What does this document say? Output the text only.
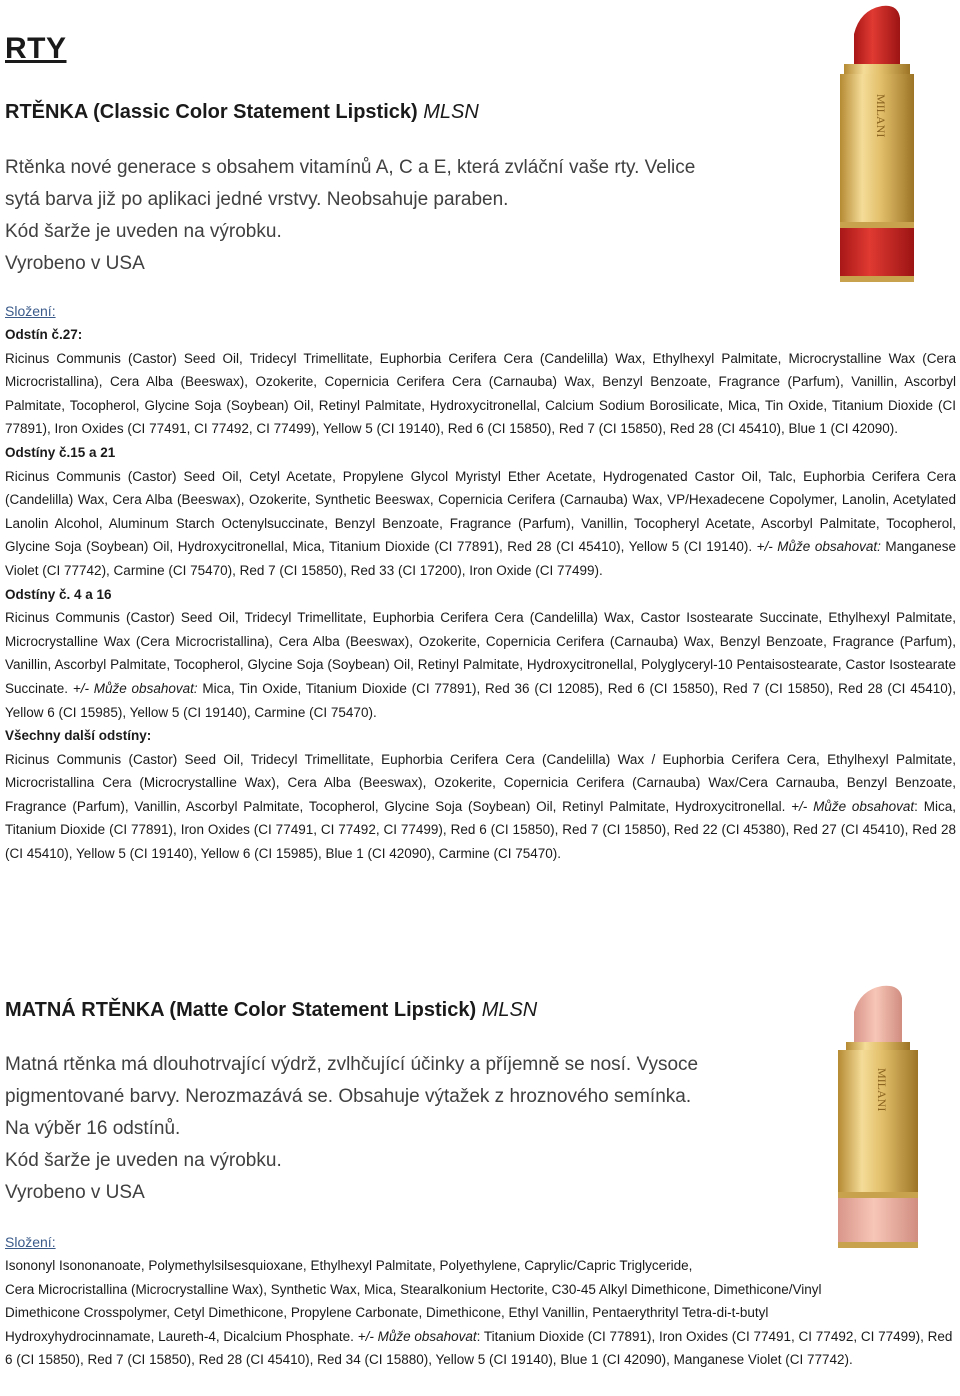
RTY
RTĚNKA (Classic Color Statement Lipstick) MLSN

Rtěnka nové generace s obsahem vitamínů A, C a E, která zvláční vaše rty. Velice

sytá barva již po aplikaci jedné vrstvy. Neobsahuje paraben.

Kód šarže je uveden na výrobku.

Vyrobeno v USA

MILANI
Složení:

Odstín č.27:

Ricinus Communis (Castor) Seed Oil, Tridecyl Trimellitate, Euphorbia Cerifera Cera (Candelilla) Wax, Ethylhexyl Palmitate, Microcrystalline Wax (Cera Microcristallina), Cera Alba (Beeswax), Ozokerite, Copernicia Cerifera Cera (Carnauba) Wax, Benzyl Benzoate, Fragrance (Parfum), Vanillin, Ascorbyl Palmitate, Tocopherol, Glycine Soja (Soybean) Oil, Retinyl Palmitate, Hydroxycitronellal, Calcium Sodium Borosilicate, Mica, Tin Oxide, Titanium Dioxide (CI 77891), Iron Oxides (CI 77491, CI 77492, CI 77499), Yellow 5 (CI 19140), Red 6 (CI 15850), Red 7 (CI 15850), Red 28 (CI 45410), Blue 1 (CI 42090).

Odstíny č.15 a 21

Ricinus Communis (Castor) Seed Oil, Cetyl Acetate, Propylene Glycol Myristyl Ether Acetate, Hydrogenated Castor Oil, Talc, Euphorbia Cerifera Cera (Candelilla) Wax, Cera Alba (Beeswax), Ozokerite, Synthetic Beeswax, Copernicia Cerifera (Carnauba) Wax, VP/Hexadecene Copolymer, Lanolin, Acetylated Lanolin Alcohol, Aluminum Starch Octenylsuccinate, Benzyl Benzoate, Fragrance (Parfum), Vanillin, Tocopheryl Acetate, Ascorbyl Palmitate, Tocopherol, Glycine Soja (Soybean) Oil, Hydroxycitronellal, Mica, Titanium Dioxide (CI 77891), Red 28 (CI 45410), Yellow 5 (CI 19140). +/- Může obsahovat: Manganese Violet (CI 77742), Carmine (CI 75470), Red 7 (CI 15850), Red 33 (CI 17200), Iron Oxide (CI 77499).

Odstíny č. 4 a 16

Ricinus Communis (Castor) Seed Oil, Tridecyl Trimellitate, Euphorbia Cerifera Cera (Candelilla) Wax, Castor Isostearate Succinate, Ethylhexyl Palmitate, Microcrystalline Wax (Cera Microcristallina), Cera Alba (Beeswax), Ozokerite, Copernicia Cerifera (Carnauba) Wax, Benzyl Benzoate, Fragrance (Parfum), Vanillin, Ascorbyl Palmitate, Tocopherol, Glycine Soja (Soybean) Oil, Retinyl Palmitate, Hydroxycitronellal, Polyglyceryl-10 Pentaisostearate, Castor Isostearate Succinate. +/- Může obsahovat: Mica, Tin Oxide, Titanium Dioxide (CI 77891), Red 36 (CI 12085), Red 6 (CI 15850), Red 7 (CI 15850), Red 28 (CI 45410), Yellow 6 (CI 15985), Yellow 5 (CI 19140), Carmine (CI 75470).

Všechny další odstíny:

Ricinus Communis (Castor) Seed Oil, Tridecyl Trimellitate, Euphorbia Cerifera Cera (Candelilla) Wax / Euphorbia Cerifera Cera, Ethylhexyl Palmitate, Microcristallina Cera (Microcrystalline Wax), Cera Alba (Beeswax), Ozokerite, Copernicia Cerifera (Carnauba) Wax/Cera Carnauba, Benzyl Benzoate, Fragrance (Parfum), Vanillin, Ascorbyl Palmitate, Tocopherol, Glycine Soja (Soybean) Oil, Retinyl Palmitate, Hydroxycitronellal. +/- Může obsahovat: Mica, Titanium Dioxide (CI 77891), Iron Oxides (CI 77491, CI 77492, CI 77499), Red 6 (CI 15850), Red 7 (CI 15850), Red 22 (CI 45380), Red 27 (CI 45410), Red 28 (CI 45410), Yellow 5 (CI 19140), Yellow 6 (CI 15985), Blue 1 (CI 42090), Carmine (CI 75470).

MATNÁ RTĚNKA (Matte Color Statement Lipstick) MLSN

Matná rtěnka má dlouhotrvající výdrž, zvlhčující účinky a příjemně se nosí. Vysoce

pigmentované barvy. Nerozmazává se. Obsahuje výtažek z hroznového semínka.

Na výběr 16 odstínů.

Kód šarže je uveden na výrobku.

Vyrobeno v USA

MILANI
Složení:

Isononyl Isononanoate, Polymethylsilsesquioxane, Ethylhexyl Palmitate, Polyethylene, Caprylic/Capric Triglyceride,

Cera Microcristallina (Microcrystalline Wax), Synthetic Wax, Mica, Stearalkonium Hectorite, C30-45 Alkyl Dimethicone, Dimethicone/Vinyl

Dimethicone Crosspolymer, Cetyl Dimethicone, Propylene Carbonate, Dimethicone, Ethyl Vanillin, Pentaerythrityl Tetra-di-t-butyl

Hydroxyhydrocinnamate, Laureth-4, Dicalcium Phosphate. +/- Může obsahovat: Titanium Dioxide (CI 77891), Iron Oxides (CI 77491, CI 77492, CI 77499), Red 6 (CI 15850), Red 7 (CI 15850), Red 28 (CI 45410), Red 34 (CI 15880), Yellow 5 (CI 19140), Blue 1 (CI 42090), Manganese Violet (CI 77742).
